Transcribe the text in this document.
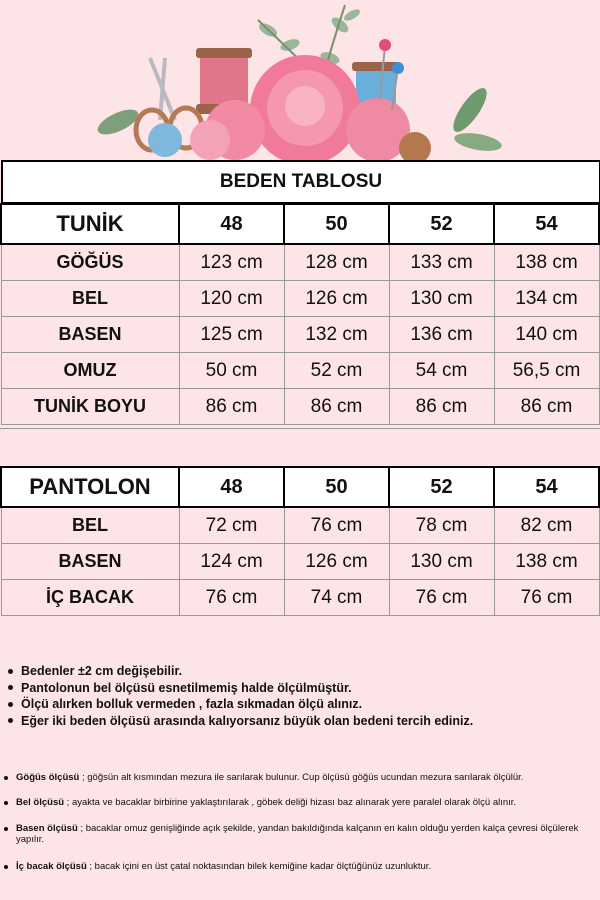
BEDEN TABLOSU
TUNİK	48	50	52	54
GÖĞÜS	123 cm	128 cm	133 cm	138 cm
BEL	120 cm	126 cm	130 cm	134 cm
BASEN	125 cm	132 cm	136 cm	140 cm
OMUZ	50 cm	52 cm	54 cm	56,5 cm
TUNİK BOYU	86 cm	86 cm	86 cm	86 cm
PANTOLON	48	50	52	54
BEL	72 cm	76 cm	78 cm	82 cm
BASEN	124 cm	126 cm	130 cm	138 cm
İÇ BACAK	76 cm	74 cm	76 cm	76 cm
Bedenler ±2 cm değişebilir.
Pantolonun bel ölçüsü esnetilmemiş halde ölçülmüştür.
Ölçü alırken bolluk vermeden , fazla sıkmadan ölçü alınız.
Eğer iki beden ölçüsü arasında kalıyorsanız büyük olan bedeni tercih ediniz.
Göğüs ölçüsü ; göğsün alt kısmından mezura ile sarılarak bulunur. Cup ölçüsü göğüs ucundan mezura sarılarak ölçülür.
Bel ölçüsü ; ayakta ve bacaklar birbirine yaklaştırılarak , göbek deliği hizası baz alınarak yere paralel olarak ölçü alınır.
Basen ölçüsü ; bacaklar omuz genişliğinde açık şekilde, yandan bakıldığında kalçanın en kalın olduğu yerden kalça çevresi ölçülerek yapılır.
İç bacak ölçüsü ; bacak içini en üst çatal noktasından bilek kemiğine kadar ölçtüğünüz uzunluktur.
